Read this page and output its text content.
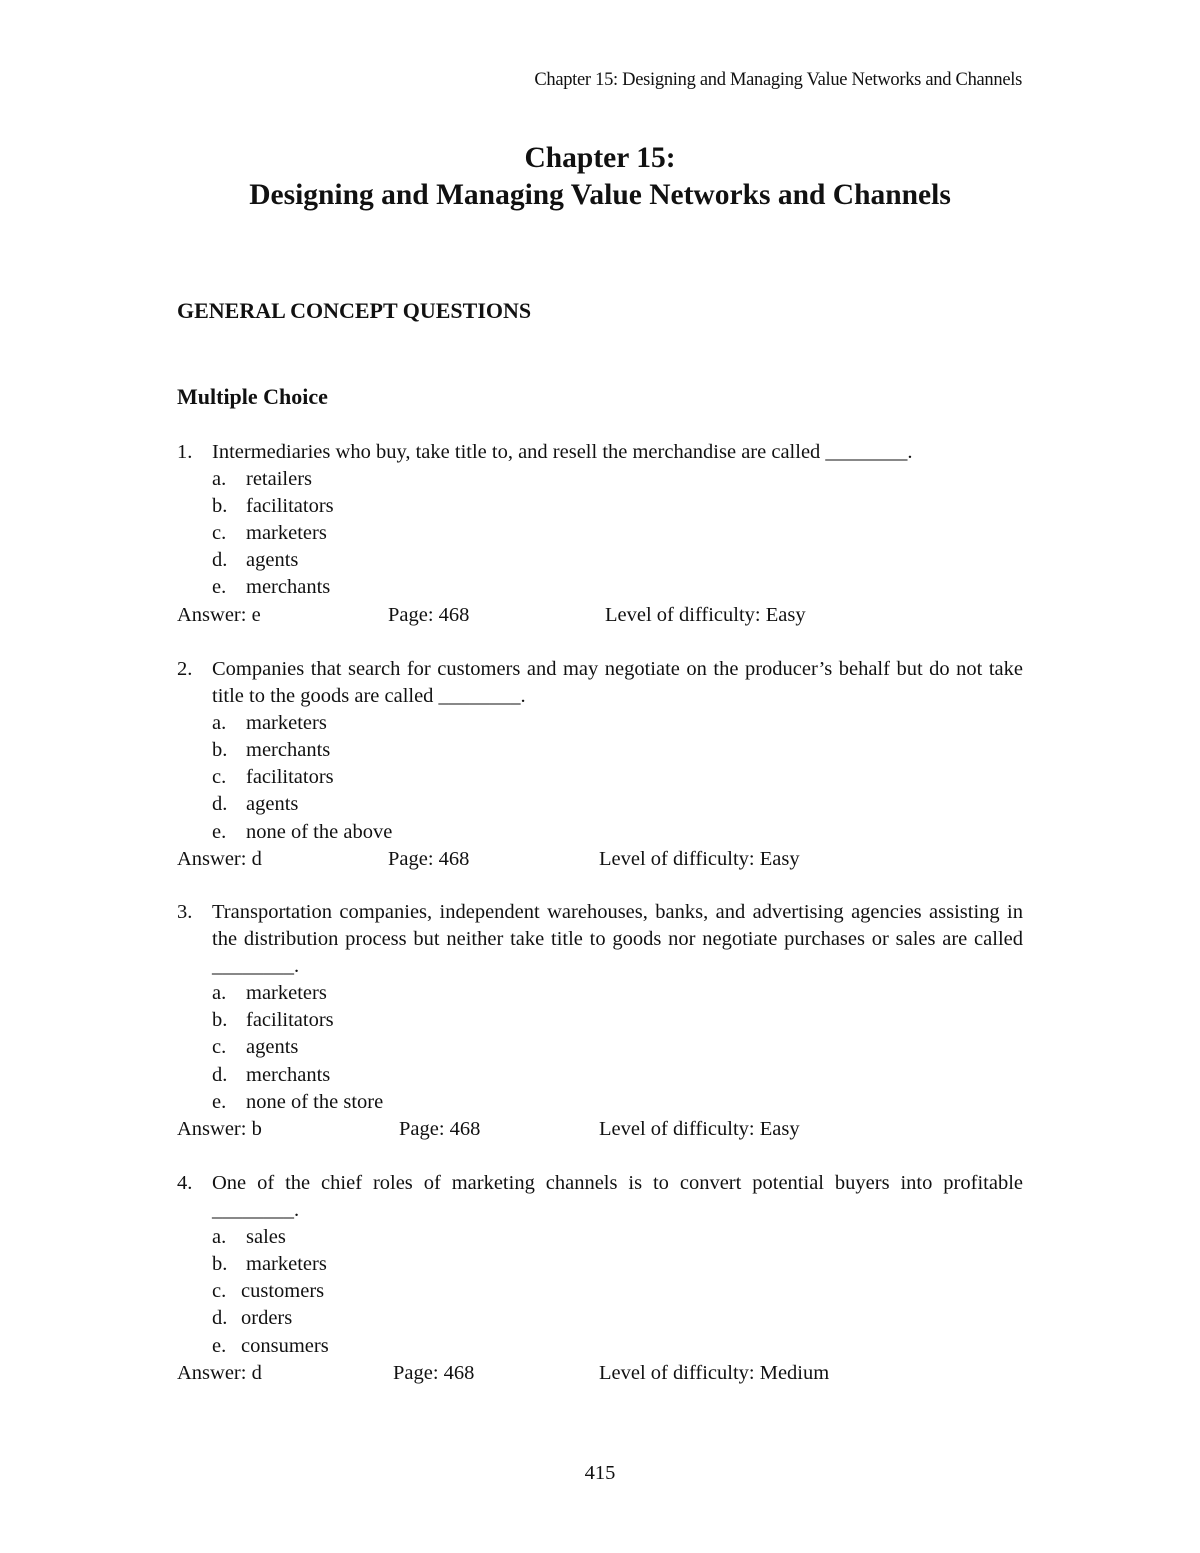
Chapter 15: Designing and Managing Value Networks and Channels
Chapter 15:
Designing and Managing Value Networks and Channels
GENERAL CONCEPT QUESTIONS
Multiple Choice
1. Intermediaries who buy, take title to, and resell the merchandise are called ________.
a. retailers
b. facilitators
c. marketers
d. agents
e. merchants
Answer: e	Page: 468	Level of difficulty: Easy
2. Companies that search for customers and may negotiate on the producer’s behalf but do not take title to the goods are called ________.
a. marketers
b. merchants
c. facilitators
d. agents
e. none of the above
Answer: d	Page: 468	Level of difficulty: Easy
3. Transportation companies, independent warehouses, banks, and advertising agencies assisting in the distribution process but neither take title to goods nor negotiate purchases or sales are called ________.
a. marketers
b. facilitators
c. agents
d. merchants
e. none of the store
Answer: b	Page: 468	Level of difficulty: Easy
4. One of the chief roles of marketing channels is to convert potential buyers into profitable ________.
a. sales
b. marketers
c. customers
d. orders
e. consumers
Answer: d	Page: 468	Level of difficulty: Medium
415
